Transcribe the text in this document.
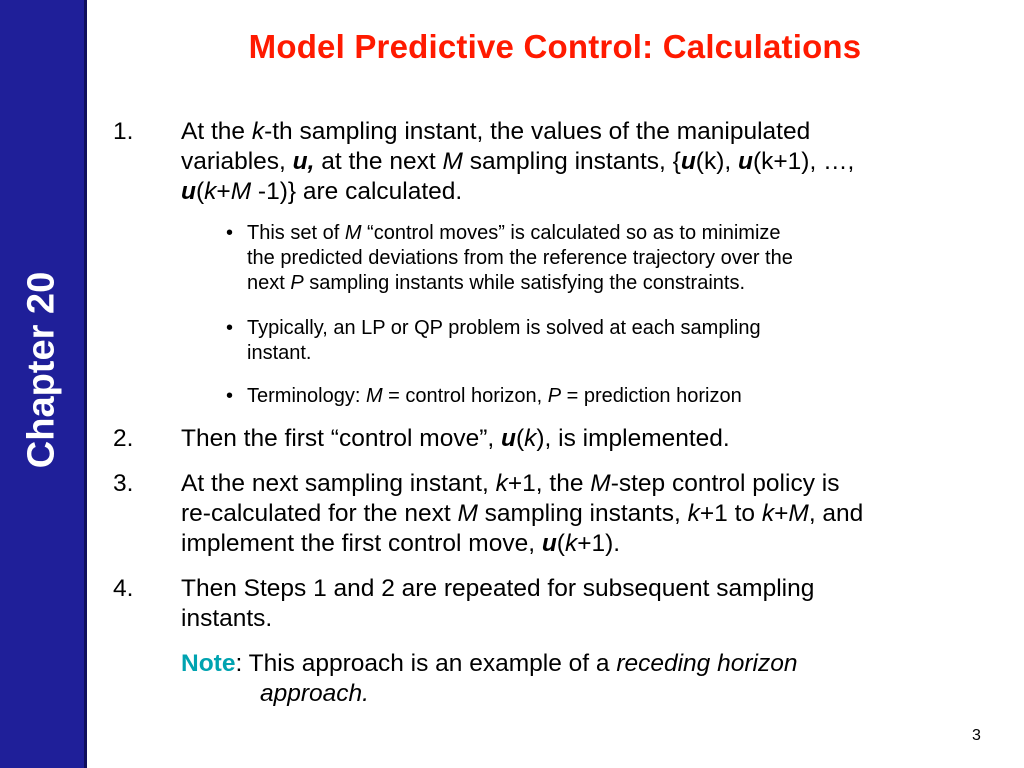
Chapter 20
Model Predictive Control: Calculations
1. At the k-th sampling instant, the values of the manipulated
variables, u, at the next M sampling instants, {u(k), u(k+1), …,
u(k+M -1)} are calculated.
• This set of M “control moves” is calculated so as to minimize
the predicted deviations from the reference trajectory over the
next P sampling instants while satisfying the constraints.
• Typically, an LP or QP problem is solved at each sampling
instant.
• Terminology: M = control horizon, P = prediction horizon
2. Then the first “control move”, u(k), is implemented.
3. At the next sampling instant, k+1, the M-step control policy is
re-calculated for the next M sampling instants, k+1 to k+M, and
implement the first control move, u(k+1).
4. Then Steps 1 and 2 are repeated for subsequent sampling
instants.
Note: This approach is an example of a receding horizon
approach.
3
